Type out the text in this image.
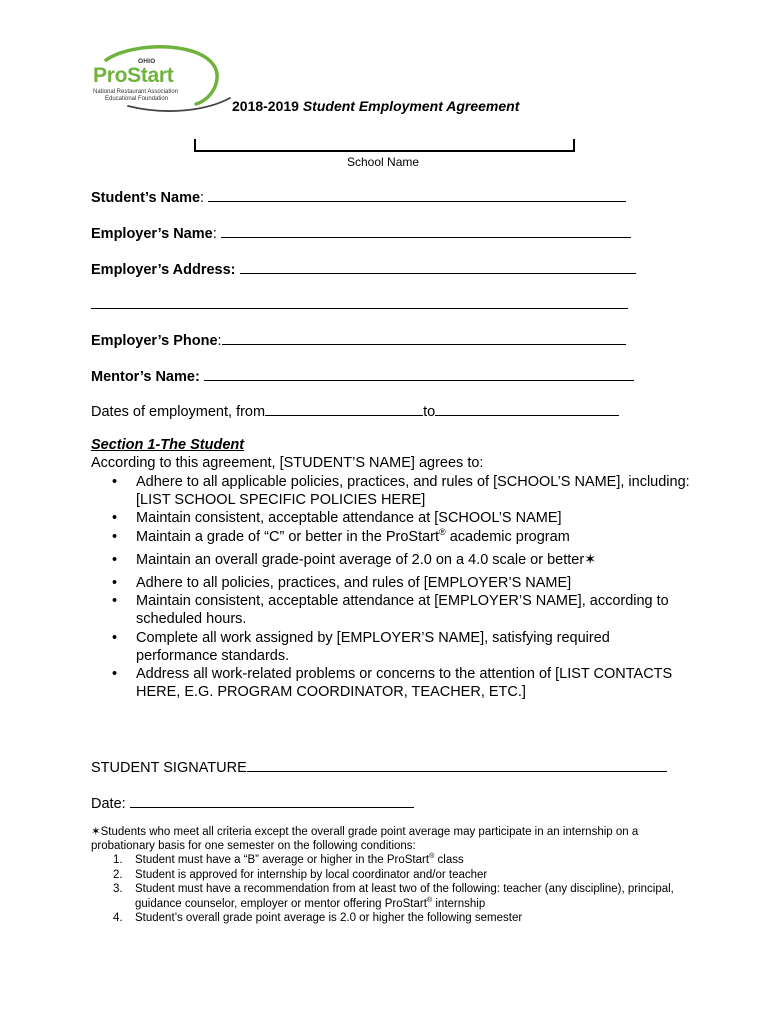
OHIO
ProStart
National Restaurant Association
Educational Foundation	2018-2019 Student Employment Agreement
School Name
Student’s Name:
Employer’s Name:
Employer’s Address:
Employer’s Phone:
Mentor’s Name:
Dates of employment, from	to
Section 1-The Student
According to this agreement, [STUDENT’S NAME] agrees to:
• Adhere to all applicable policies, practices, and rules of [SCHOOL’S NAME], including:
[LIST SCHOOL SPECIFIC POLICIES HERE]
• Maintain consistent, acceptable attendance at [SCHOOL’S NAME]
• Maintain a grade of “C” or better in the ProStart® academic program
• Maintain an overall grade-point average of 2.0 on a 4.0 scale or better✶
• Adhere to all policies, practices, and rules of [EMPLOYER’S NAME]
• Maintain consistent, acceptable attendance at [EMPLOYER’S NAME], according to scheduled hours.
• Complete all work assigned by [EMPLOYER’S NAME], satisfying required performance standards.
• Address all work-related problems or concerns to the attention of [LIST CONTACTS HERE, E.G. PROGRAM COORDINATOR, TEACHER, ETC.]
STUDENT SIGNATURE
Date:
✶Students who meet all criteria except the overall grade point average may participate in an internship on a probationary basis for one semester on the following conditions:
1. Student must have a “B” average or higher in the ProStart® class
2. Student is approved for internship by local coordinator and/or teacher
3. Student must have a recommendation from at least two of the following: teacher (any discipline), principal, guidance counselor, employer or mentor offering ProStart® internship
4. Student’s overall grade point average is 2.0 or higher the following semester
